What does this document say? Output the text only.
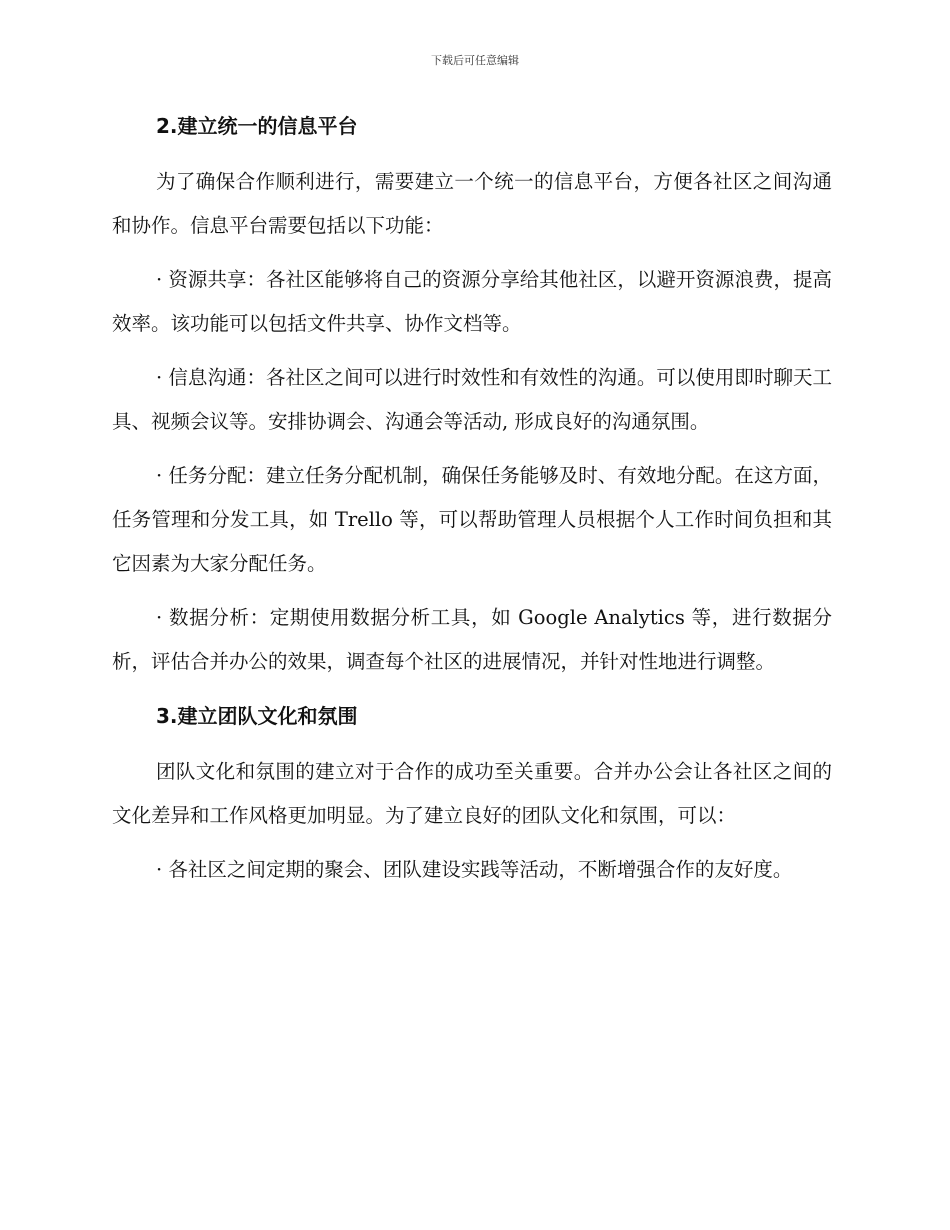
下载后可任意编辑
2.建立统一的信息平台

为了确保合作顺利进行，需要建立一个统一的信息平台，方便各社区之间沟通和协作。信息平台需要包括以下功能：

· 资源共享：各社区能够将自己的资源分享给其他社区，以避开资源浪费，提高效率。该功能可以包括文件共享、协作文档等。

· 信息沟通：各社区之间可以进行时效性和有效性的沟通。可以使用即时聊天工具、视频会议等。安排协调会、沟通会等活动, 形成良好的沟通氛围。

· 任务分配：建立任务分配机制，确保任务能够及时、有效地分配。在这方面，任务管理和分发工具，如 Trello 等，可以帮助管理人员根据个人工作时间负担和其它因素为大家分配任务。

· 数据分析：定期使用数据分析工具，如 Google Analytics 等，进行数据分析，评估合并办公的效果，调查每个社区的进展情况，并针对性地进行调整。

3.建立团队文化和氛围

团队文化和氛围的建立对于合作的成功至关重要。合并办公会让各社区之间的文化差异和工作风格更加明显。为了建立良好的团队文化和氛围，可以：

· 各社区之间定期的聚会、团队建设实践等活动，不断增强合作的友好度。
